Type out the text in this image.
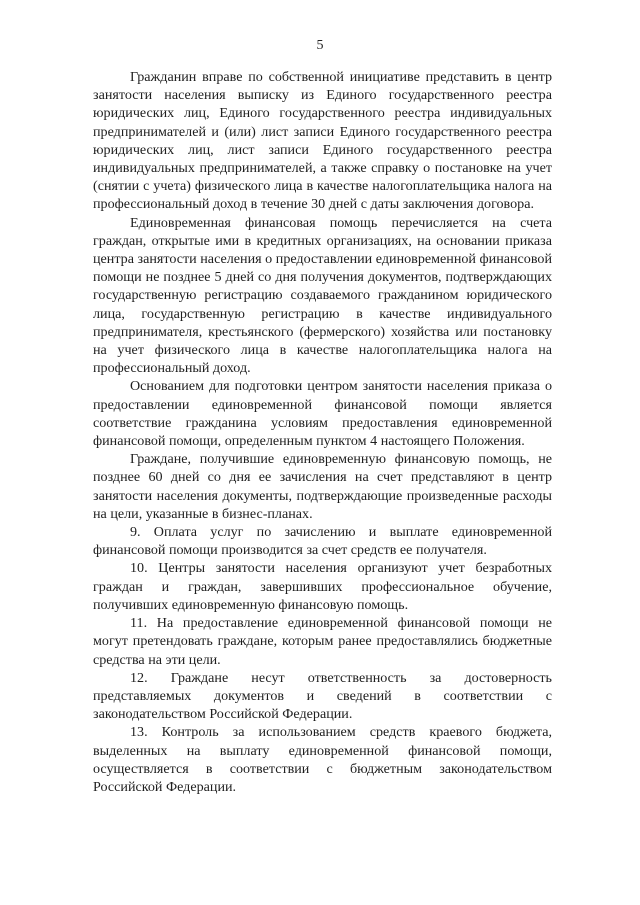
5

Гражданин вправе по собственной инициативе представить в центр занятости населения выписку из Единого государственного реестра юридических лиц, Единого государственного реестра индивидуальных предпринимателей и (или) лист записи Единого государственного реестра юридических лиц, лист записи Единого государственного реестра индивидуальных предпринимателей, а также справку о постановке на учет (снятии с учета) физического лица в качестве налогоплательщика налога на профессиональный доход в течение 30 дней с даты заключения договора.

Единовременная финансовая помощь перечисляется на счета граждан, открытые ими в кредитных организациях, на основании приказа центра занятости населения о предоставлении единовременной финансовой помощи не позднее 5 дней со дня получения документов, подтверждающих государственную регистрацию создаваемого гражданином юридического лица, государственную регистрацию в качестве индивидуального предпринимателя, крестьянского (фермерского) хозяйства или постановку на учет физического лица в качестве налогоплательщика налога на профессиональный доход.

Основанием для подготовки центром занятости населения приказа о предоставлении единовременной финансовой помощи является соответствие гражданина условиям предоставления единовременной финансовой помощи, определенным пунктом 4 настоящего Положения.

Граждане, получившие единовременную финансовую помощь, не позднее 60 дней со дня ее зачисления на счет представляют в центр занятости населения документы, подтверждающие произведенные расходы на цели, указанные в бизнес-планах.

9. Оплата услуг по зачислению и выплате единовременной финансовой помощи производится за счет средств ее получателя.

10. Центры занятости населения организуют учет безработных граждан и граждан, завершивших профессиональное обучение, получивших единовременную финансовую помощь.

11. На предоставление единовременной финансовой помощи не могут претендовать граждане, которым ранее предоставлялись бюджетные средства на эти цели.

12. Граждане несут ответственность за достоверность представляемых документов и сведений в соответствии с законодательством Российской Федерации.

13. Контроль за использованием средств краевого бюджета, выделенных на выплату единовременной финансовой помощи, осуществляется в соответствии с бюджетным законодательством Российской Федерации.
